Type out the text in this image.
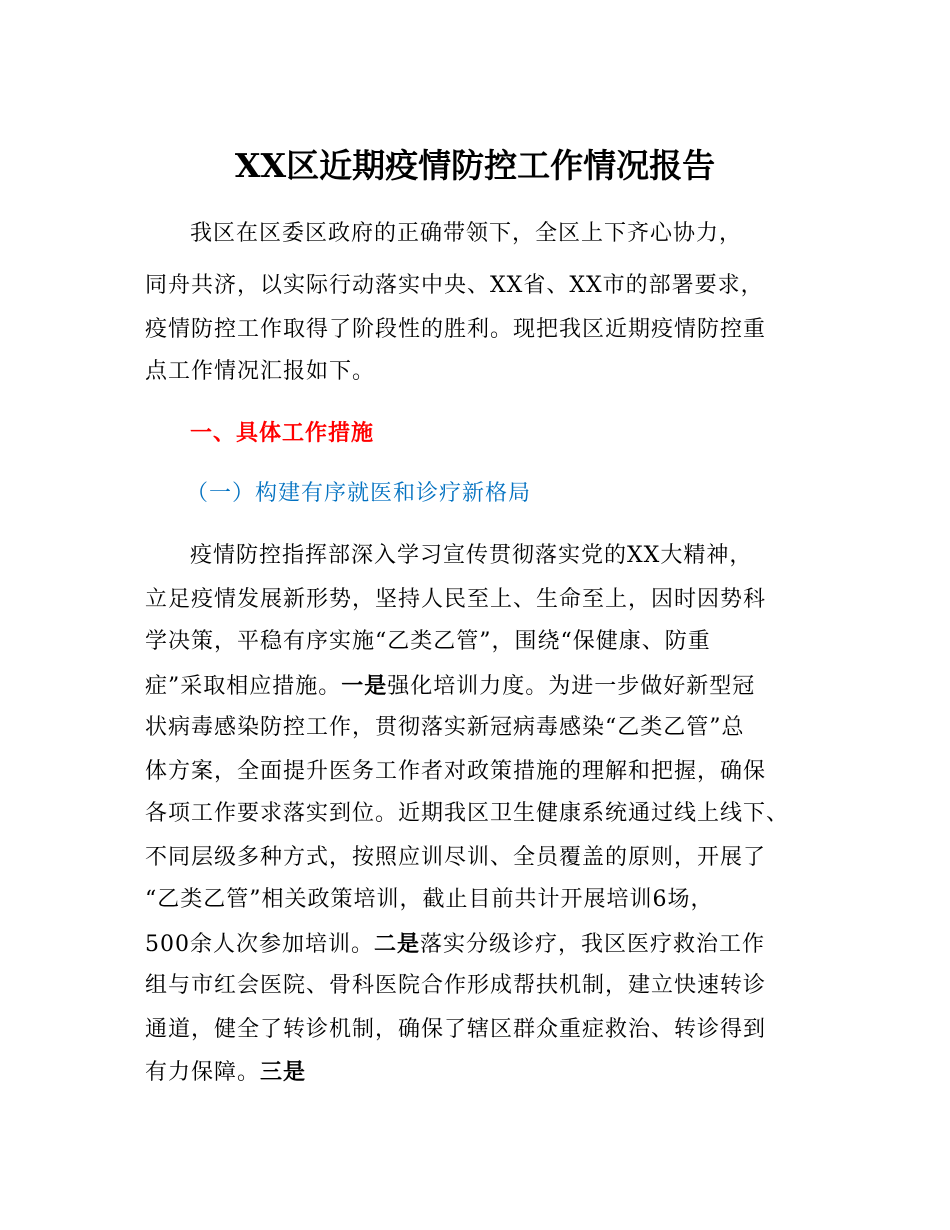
XX区近期疫情防控工作情况报告
我区在区委区政府的正确带领下，全区上下齐心协力，
同舟共济，以实际行动落实中央、XX省、XX市的部署要求，
疫情防控工作取得了阶段性的胜利。现把我区近期疫情防控重
点工作情况汇报如下。
一、具体工作措施
（一）构建有序就医和诊疗新格局
疫情防控指挥部深入学习宣传贯彻落实党的XX大精神，
立足疫情发展新形势，坚持人民至上、生命至上，因时因势科
学决策，平稳有序实施“乙类乙管”，围绕“保健康、防重
症”采取相应措施。一是强化培训力度。为进一步做好新型冠
状病毒感染防控工作，贯彻落实新冠病毒感染“乙类乙管”总
体方案，全面提升医务工作者对政策措施的理解和把握，确保
各项工作要求落实到位。近期我区卫生健康系统通过线上线下、
不同层级多种方式，按照应训尽训、全员覆盖的原则，开展了
“乙类乙管”相关政策培训，截止目前共计开展培训6场，
500余人次参加培训。二是落实分级诊疗，我区医疗救治工作
组与市红会医院、骨科医院合作形成帮扶机制，建立快速转诊
通道，健全了转诊机制，确保了辖区群众重症救治、转诊得到
有力保障。三是
